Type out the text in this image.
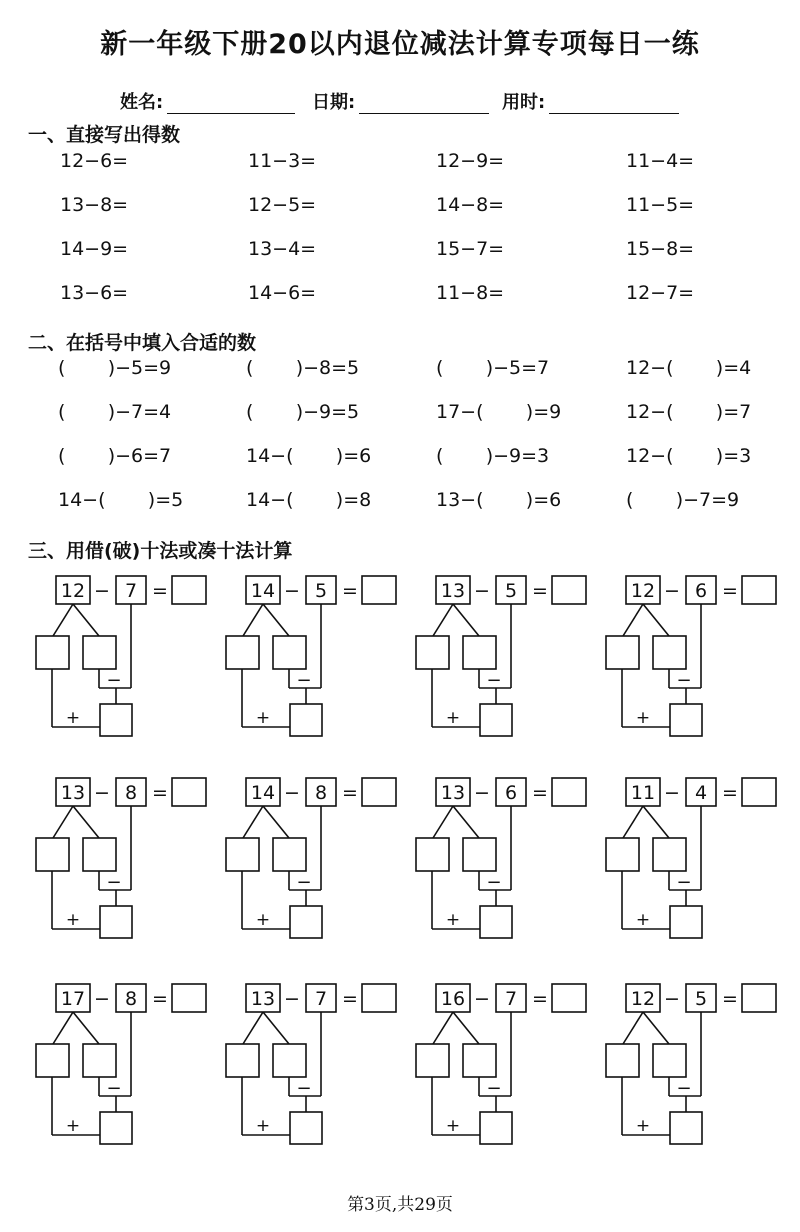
新一年级下册20以内退位减法计算专项每日一练
姓名:	日期:	用时:
一、直接写出得数
12−6=	11−3=	12−9=	11−4=
13−8=	12−5=	14−8=	11−5=
14−9=	13−4=	15−7=	15−8=
13−6=	14−6=	11−8=	12−7=
二、在括号中填入合适的数
(       )−5=9	(       )−8=5	(       )−5=7	12−(       )=4
(       )−7=4	(       )−9=5	17−(       )=9	12−(       )=7
(       )−6=7	14−(       )=6	(       )−9=3	12−(       )=3
14−(       )=5	14−(       )=8	13−(       )=6	(       )−7=9
三、用借(破)十法或凑十法计算
12 − 7 =
−
+
14 − 5 =
−
+
13 − 5 =
−
+
12 − 6 =
−
+
13 − 8 =
−
+
14 − 8 =
−
+
13 − 6 =
−
+
11 − 4 =
−
+
17 − 8 =
−
+
13 − 7 =
−
+
16 − 7 =
−
+
12 − 5 =
−
+
第3页,共29页
